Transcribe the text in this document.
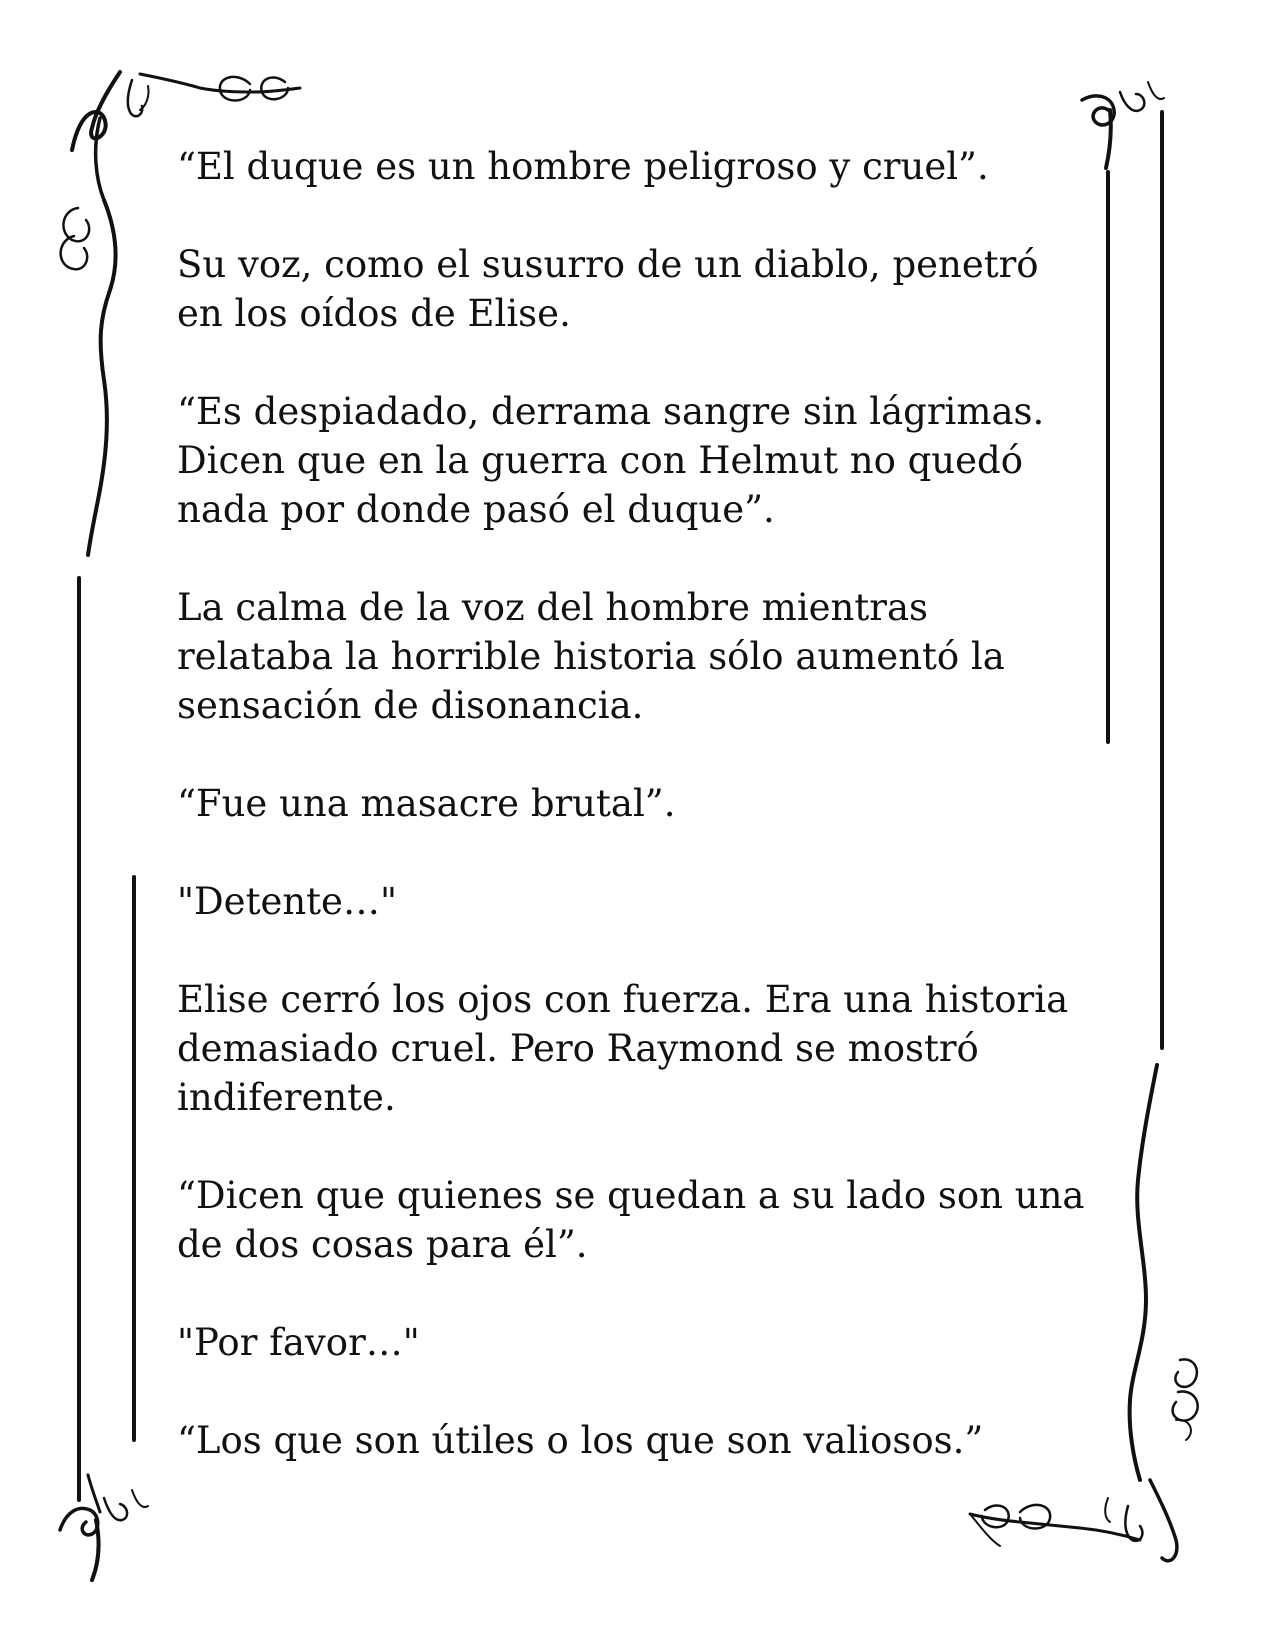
“El duque es un hombre peligroso y cruel”.

Su voz, como el susurro de un diablo, penetró
en los oídos de Elise.

“Es despiadado, derrama sangre sin lágrimas.
Dicen que en la guerra con Helmut no quedó
nada por donde pasó el duque”.

La calma de la voz del hombre mientras
relataba la horrible historia sólo aumentó la
sensación de disonancia.

“Fue una masacre brutal”.

"Detente…"

Elise cerró los ojos con fuerza. Era una historia
demasiado cruel. Pero Raymond se mostró
indiferente.

“Dicen que quienes se quedan a su lado son una
de dos cosas para él”.

"Por favor…"

“Los que son útiles o los que son valiosos.”
